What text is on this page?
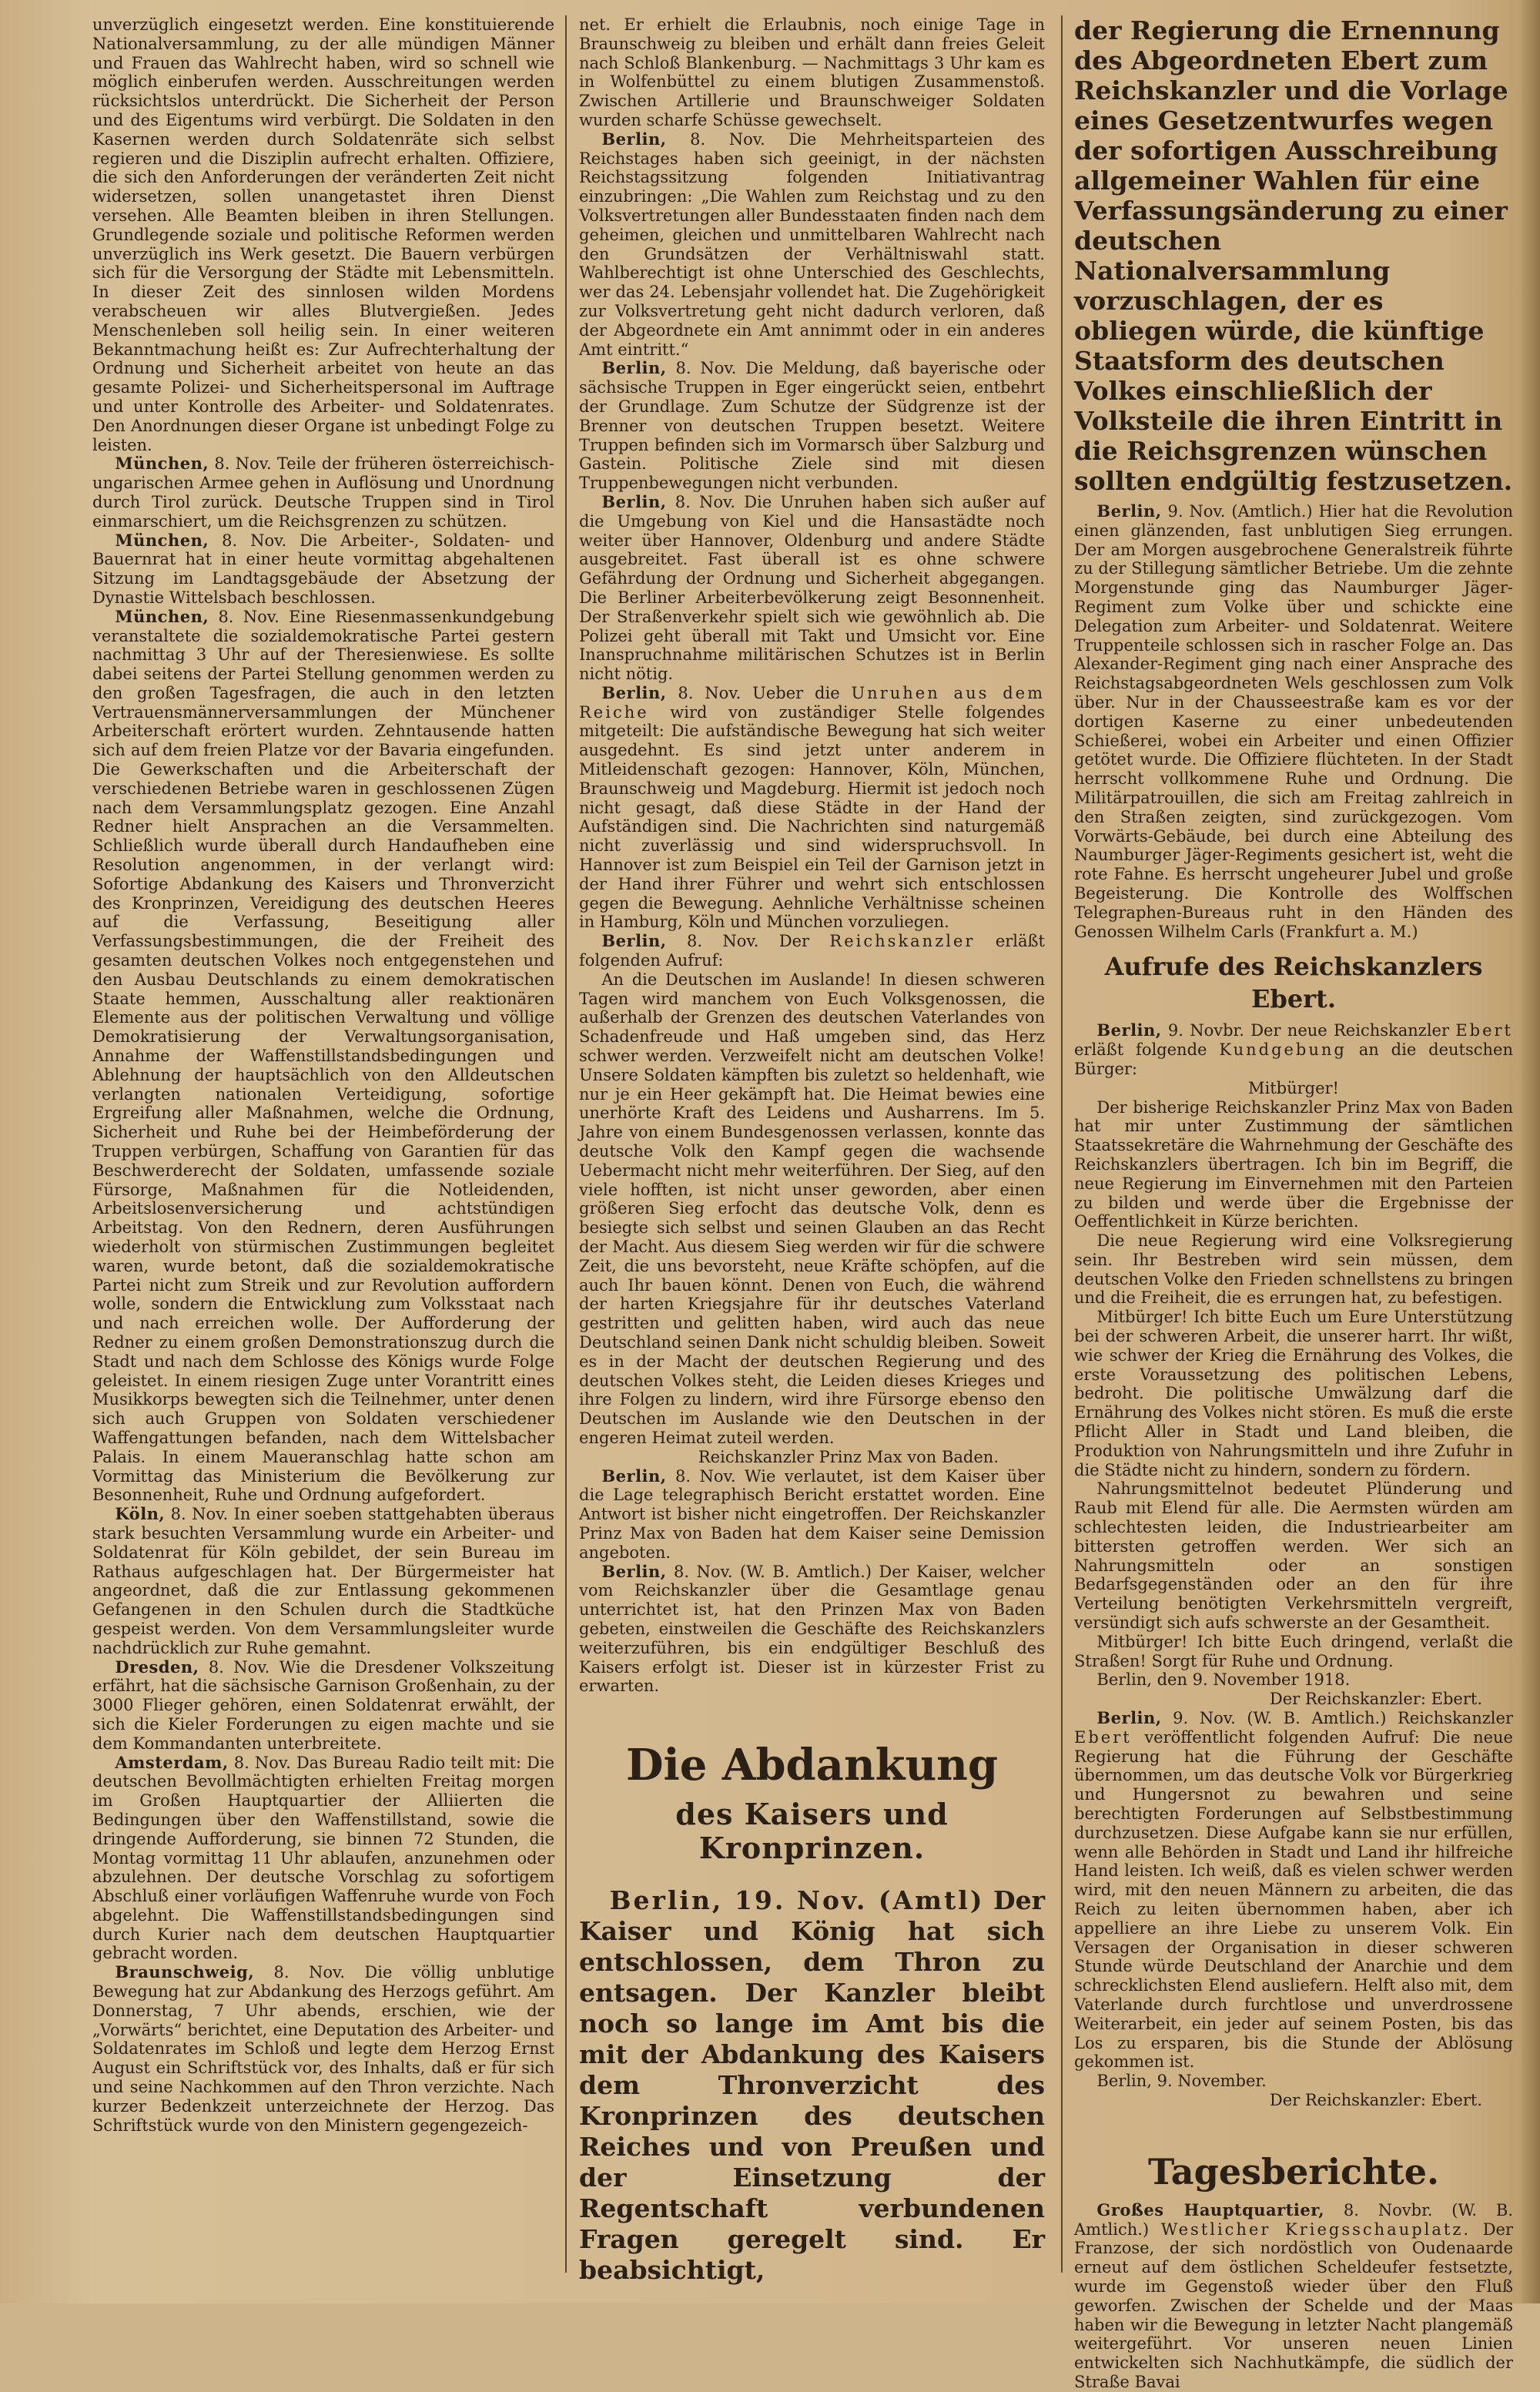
unverzüglich eingesetzt werden. Eine konstituierende Nationalversammlung, zu der alle mündigen Männer und Frauen das Wahlrecht haben, wird so schnell wie möglich einberufen werden. Ausschreitungen werden rücksichtslos unterdrückt. Die Sicherheit der Person und des Eigentums wird verbürgt. Die Soldaten in den Kasernen werden durch Soldatenräte sich selbst regieren und die Disziplin aufrecht erhalten. Offiziere, die sich den Anforderungen der veränderten Zeit nicht widersetzen, sollen unangetastet ihren Dienst versehen. Alle Beamten bleiben in ihren Stellungen. Grundlegende soziale und politische Reformen werden unverzüglich ins Werk gesetzt. Die Bauern verbürgen sich für die Versorgung der Städte mit Lebensmitteln. In dieser Zeit des sinnlosen wilden Mordens verabscheuen wir alles Blutvergießen. Jedes Menschenleben soll heilig sein. In einer weiteren Bekanntmachung heißt es: Zur Aufrechterhaltung der Ordnung und Sicherheit arbeitet von heute an das gesamte Polizei- und Sicherheitspersonal im Auftrage und unter Kontrolle des Arbeiter- und Soldatenrates. Den Anordnungen dieser Organe ist unbedingt Folge zu leisten.

München, 8. Nov. Teile der früheren österreichisch-ungarischen Armee gehen in Auflösung und Unordnung durch Tirol zurück. Deutsche Truppen sind in Tirol einmarschiert, um die Reichsgrenzen zu schützen.

München, 8. Nov. Die Arbeiter-, Soldaten- und Bauernrat hat in einer heute vormittag abgehaltenen Sitzung im Landtagsgebäude der Absetzung der Dynastie Wittelsbach beschlossen.

München, 8. Nov. Eine Riesenmassenkundgebung veranstaltete die sozialdemokratische Partei gestern nachmittag 3 Uhr auf der Theresienwiese. Es sollte dabei seitens der Partei Stellung genommen werden zu den großen Tagesfragen, die auch in den letzten Vertrauensmännerversammlungen der Münchener Arbeiterschaft erörtert wurden. Zehntausende hatten sich auf dem freien Platze vor der Bavaria eingefunden. Die Gewerkschaften und die Arbeiterschaft der verschiedenen Betriebe waren in geschlossenen Zügen nach dem Versammlungsplatz gezogen. Eine Anzahl Redner hielt Ansprachen an die Versammelten. Schließlich wurde überall durch Handaufheben eine Resolution angenommen, in der verlangt wird: Sofortige Abdankung des Kaisers und Thronverzicht des Kronprinzen, Vereidigung des deutschen Heeres auf die Verfassung, Beseitigung aller Verfassungsbestimmungen, die der Freiheit des gesamten deutschen Volkes noch entgegenstehen und den Ausbau Deutschlands zu einem demokratischen Staate hemmen, Ausschaltung aller reaktionären Elemente aus der politischen Verwaltung und völlige Demokratisierung der Verwaltungsorganisation, Annahme der Waffenstillstandsbedingungen und Ablehnung der hauptsächlich von den Alldeutschen verlangten nationalen Verteidigung, sofortige Ergreifung aller Maßnahmen, welche die Ordnung, Sicherheit und Ruhe bei der Heimbeförderung der Truppen verbürgen, Schaffung von Garantien für das Beschwerderecht der Soldaten, umfassende soziale Fürsorge, Maßnahmen für die Notleidenden, Arbeitslosenversicherung und achtstündigen Arbeitstag. Von den Rednern, deren Ausführungen wiederholt von stürmischen Zustimmungen begleitet waren, wurde betont, daß die sozialdemokratische Partei nicht zum Streik und zur Revolution auffordern wolle, sondern die Entwicklung zum Volksstaat nach und nach erreichen wolle. Der Aufforderung der Redner zu einem großen Demonstrationszug durch die Stadt und nach dem Schlosse des Königs wurde Folge geleistet. In einem riesigen Zuge unter Vorantritt eines Musikkorps bewegten sich die Teilnehmer, unter denen sich auch Gruppen von Soldaten verschiedener Waffengattungen befanden, nach dem Wittelsbacher Palais. In einem Maueranschlag hatte schon am Vormittag das Ministerium die Bevölkerung zur Besonnenheit, Ruhe und Ordnung aufgefordert.

Köln, 8. Nov. In einer soeben stattgehabten überaus stark besuchten Versammlung wurde ein Arbeiter- und Soldatenrat für Köln gebildet, der sein Bureau im Rathaus aufgeschlagen hat. Der Bürgermeister hat angeordnet, daß die zur Entlassung gekommenen Gefangenen in den Schulen durch die Stadtküche gespeist werden. Von dem Versammlungsleiter wurde nachdrücklich zur Ruhe gemahnt.

Dresden, 8. Nov. Wie die Dresdener Volkszeitung erfährt, hat die sächsische Garnison Großenhain, zu der 3000 Flieger gehören, einen Soldatenrat erwählt, der sich die Kieler Forderungen zu eigen machte und sie dem Kommandanten unterbreitete.

Amsterdam, 8. Nov. Das Bureau Radio teilt mit: Die deutschen Bevollmächtigten erhielten Freitag morgen im Großen Hauptquartier der Alliierten die Bedingungen über den Waffenstillstand, sowie die dringende Aufforderung, sie binnen 72 Stunden, die Montag vormittag 11 Uhr ablaufen, anzunehmen oder abzulehnen. Der deutsche Vorschlag zu sofortigem Abschluß einer vorläufigen Waffenruhe wurde von Foch abgelehnt. Die Waffenstillstandsbedingungen sind durch Kurier nach dem deutschen Hauptquartier gebracht worden.

Braunschweig, 8. Nov. Die völlig unblutige Bewegung hat zur Abdankung des Herzogs geführt. Am Donnerstag, 7 Uhr abends, erschien, wie der „Vorwärts“ berichtet, eine Deputation des Arbeiter- und Soldatenrates im Schloß und legte dem Herzog Ernst August ein Schriftstück vor, des Inhalts, daß er für sich und seine Nachkommen auf den Thron verzichte. Nach kurzer Bedenkzeit unterzeichnete der Herzog. Das Schriftstück wurde von den Ministern gegengezeich-

net. Er erhielt die Erlaubnis, noch einige Tage in Braunschweig zu bleiben und erhält dann freies Geleit nach Schloß Blankenburg. — Nachmittags 3 Uhr kam es in Wolfenbüttel zu einem blutigen Zusammenstoß. Zwischen Artillerie und Braunschweiger Soldaten wurden scharfe Schüsse gewechselt.

Berlin, 8. Nov. Die Mehrheitsparteien des Reichstages haben sich geeinigt, in der nächsten Reichstagssitzung folgenden Initiativantrag einzubringen: „Die Wahlen zum Reichstag und zu den Volksvertretungen aller Bundesstaaten finden nach dem geheimen, gleichen und unmittelbaren Wahlrecht nach den Grundsätzen der Verhältniswahl statt. Wahlberechtigt ist ohne Unterschied des Geschlechts, wer das 24. Lebensjahr vollendet hat. Die Zugehörigkeit zur Volksvertretung geht nicht dadurch verloren, daß der Abgeordnete ein Amt annimmt oder in ein anderes Amt eintritt.“

Berlin, 8. Nov. Die Meldung, daß bayerische oder sächsische Truppen in Eger eingerückt seien, entbehrt der Grundlage. Zum Schutze der Südgrenze ist der Brenner von deutschen Truppen besetzt. Weitere Truppen befinden sich im Vormarsch über Salzburg und Gastein. Politische Ziele sind mit diesen Truppenbewegungen nicht verbunden.

Berlin, 8. Nov. Die Unruhen haben sich außer auf die Umgebung von Kiel und die Hansastädte noch weiter über Hannover, Oldenburg und andere Städte ausgebreitet. Fast überall ist es ohne schwere Gefährdung der Ordnung und Sicherheit abgegangen. Die Berliner Arbeiterbevölkerung zeigt Besonnenheit. Der Straßenverkehr spielt sich wie gewöhnlich ab. Die Polizei geht überall mit Takt und Umsicht vor. Eine Inanspruchnahme militärischen Schutzes ist in Berlin nicht nötig.

Berlin, 8. Nov. Ueber die Unruhen aus dem Reiche wird von zuständiger Stelle folgendes mitgeteilt: Die aufständische Bewegung hat sich weiter ausgedehnt. Es sind jetzt unter anderem in Mitleidenschaft gezogen: Hannover, Köln, München, Braunschweig und Magdeburg. Hiermit ist jedoch noch nicht gesagt, daß diese Städte in der Hand der Aufständigen sind. Die Nachrichten sind naturgemäß nicht zuverlässig und sind widerspruchsvoll. In Hannover ist zum Beispiel ein Teil der Garnison jetzt in der Hand ihrer Führer und wehrt sich entschlossen gegen die Bewegung. Aehnliche Verhältnisse scheinen in Hamburg, Köln und München vorzuliegen.

Berlin, 8. Nov. Der Reichskanzler erläßt folgenden Aufruf:

An die Deutschen im Auslande! In diesen schweren Tagen wird manchem von Euch Volksgenossen, die außerhalb der Grenzen des deutschen Vaterlandes von Schadenfreude und Haß umgeben sind, das Herz schwer werden. Verzweifelt nicht am deutschen Volke! Unsere Soldaten kämpften bis zuletzt so heldenhaft, wie nur je ein Heer gekämpft hat. Die Heimat bewies eine unerhörte Kraft des Leidens und Ausharrens. Im 5. Jahre von einem Bundesgenossen verlassen, konnte das deutsche Volk den Kampf gegen die wachsende Uebermacht nicht mehr weiterführen. Der Sieg, auf den viele hofften, ist nicht unser geworden, aber einen größeren Sieg erfocht das deutsche Volk, denn es besiegte sich selbst und seinen Glauben an das Recht der Macht. Aus diesem Sieg werden wir für die schwere Zeit, die uns bevorsteht, neue Kräfte schöpfen, auf die auch Ihr bauen könnt. Denen von Euch, die während der harten Kriegsjahre für ihr deutsches Vaterland gestritten und gelitten haben, wird auch das neue Deutschland seinen Dank nicht schuldig bleiben. Soweit es in der Macht der deutschen Regierung und des deutschen Volkes steht, die Leiden dieses Krieges und ihre Folgen zu lindern, wird ihre Fürsorge ebenso den Deutschen im Auslande wie den Deutschen in der engeren Heimat zuteil werden.

Reichskanzler Prinz Max von Baden.

Berlin, 8. Nov. Wie verlautet, ist dem Kaiser über die Lage telegraphisch Bericht erstattet worden. Eine Antwort ist bisher nicht eingetroffen. Der Reichskanzler Prinz Max von Baden hat dem Kaiser seine Demission angeboten.

Berlin, 8. Nov. (W. B. Amtlich.) Der Kaiser, welcher vom Reichskanzler über die Gesamtlage genau unterrichtet ist, hat den Prinzen Max von Baden gebeten, einstweilen die Geschäfte des Reichskanzlers weiterzuführen, bis ein endgültiger Beschluß des Kaisers erfolgt ist. Dieser ist in kürzester Frist zu erwarten.

Die Abdankung

des Kaisers und Kronprinzen.

Berlin, 19. Nov. (Amtl) Der Kaiser und König hat sich entschlossen, dem Thron zu entsagen. Der Kanzler bleibt noch so lange im Amt bis die mit der Abdankung des Kaisers dem Thronverzicht des Kronprinzen des deutschen Reiches und von Preußen und der Einsetzung der Regentschaft verbundenen Fragen geregelt sind. Er beabsichtigt,

der Regierung die Ernennung des Abgeordneten Ebert zum Reichskanzler und die Vorlage eines Gesetzentwurfes wegen der sofortigen Ausschreibung allgemeiner Wahlen für eine Verfassungsänderung zu einer deutschen Nationalversammlung vorzuschlagen, der es obliegen würde, die künftige Staatsform des deutschen Volkes einschließlich der Volksteile die ihren Eintritt in die Reichsgrenzen wünschen sollten endgültig festzusetzen.

Berlin, 9. Nov. (Amtlich.) Hier hat die Revolution einen glänzenden, fast unblutigen Sieg errungen. Der am Morgen ausgebrochene Generalstreik führte zu der Stillegung sämtlicher Betriebe. Um die zehnte Morgenstunde ging das Naumburger Jäger-Regiment zum Volke über und schickte eine Delegation zum Arbeiter- und Soldatenrat. Weitere Truppenteile schlossen sich in rascher Folge an. Das Alexander-Regiment ging nach einer Ansprache des Reichstagsabgeordneten Wels geschlossen zum Volk über. Nur in der Chausseestraße kam es vor der dortigen Kaserne zu einer unbedeutenden Schießerei, wobei ein Arbeiter und einen Offizier getötet wurde. Die Offiziere flüchteten. In der Stadt herrscht vollkommene Ruhe und Ordnung. Die Militärpatrouillen, die sich am Freitag zahlreich in den Straßen zeigten, sind zurückgezogen. Vom Vorwärts-Gebäude, bei durch eine Abteilung des Naumburger Jäger-Regiments gesichert ist, weht die rote Fahne. Es herrscht ungeheurer Jubel und große Begeisterung. Die Kontrolle des Wolffschen Telegraphen-Bureaus ruht in den Händen des Genossen Wilhelm Carls (Frankfurt a. M.)

Aufrufe des Reichskanzlers Ebert.

Berlin, 9. Novbr. Der neue Reichskanzler Ebert erläßt folgende Kundgebung an die deutschen Bürger:

Mitbürger!

Der bisherige Reichskanzler Prinz Max von Baden hat mir unter Zustimmung der sämtlichen Staatssekretäre die Wahrnehmung der Geschäfte des Reichskanzlers übertragen. Ich bin im Begriff, die neue Regierung im Einvernehmen mit den Parteien zu bilden und werde über die Ergebnisse der Oeffentlichkeit in Kürze berichten.

Die neue Regierung wird eine Volksregierung sein. Ihr Bestreben wird sein müssen, dem deutschen Volke den Frieden schnellstens zu bringen und die Freiheit, die es errungen hat, zu befestigen.

Mitbürger! Ich bitte Euch um Eure Unterstützung bei der schweren Arbeit, die unserer harrt. Ihr wißt, wie schwer der Krieg die Ernährung des Volkes, die erste Voraussetzung des politischen Lebens, bedroht. Die politische Umwälzung darf die Ernährung des Volkes nicht stören. Es muß die erste Pflicht Aller in Stadt und Land bleiben, die Produktion von Nahrungsmitteln und ihre Zufuhr in die Städte nicht zu hindern, sondern zu fördern.

Nahrungsmittelnot bedeutet Plünderung und Raub mit Elend für alle. Die Aermsten würden am schlechtesten leiden, die Industriearbeiter am bittersten getroffen werden. Wer sich an Nahrungsmitteln oder an sonstigen Bedarfsgegenständen oder an den für ihre Verteilung benötigten Verkehrsmitteln vergreift, versündigt sich aufs schwerste an der Gesamtheit.

Mitbürger! Ich bitte Euch dringend, verlaßt die Straßen! Sorgt für Ruhe und Ordnung.

Berlin, den 9. November 1918.

Der Reichskanzler: Ebert.

Berlin, 9. Nov. (W. B. Amtlich.) Reichskanzler Ebert veröffentlicht folgenden Aufruf: Die neue Regierung hat die Führung der Geschäfte übernommen, um das deutsche Volk vor Bürgerkrieg und Hungersnot zu bewahren und seine berechtigten Forderungen auf Selbstbestimmung durchzusetzen. Diese Aufgabe kann sie nur erfüllen, wenn alle Behörden in Stadt und Land ihr hilfreiche Hand leisten. Ich weiß, daß es vielen schwer werden wird, mit den neuen Männern zu arbeiten, die das Reich zu leiten übernommen haben, aber ich appelliere an ihre Liebe zu unserem Volk. Ein Versagen der Organisation in dieser schweren Stunde würde Deutschland der Anarchie und dem schrecklichsten Elend ausliefern. Helft also mit, dem Vaterlande durch furchtlose und unverdrossene Weiterarbeit, ein jeder auf seinem Posten, bis das Los zu ersparen, bis die Stunde der Ablösung gekommen ist.

Berlin, 9. November.

Der Reichskanzler: Ebert.

Tagesberichte.

Großes Hauptquartier, 8. Novbr. (W. B. Amtlich.) Westlicher Kriegsschauplatz. Der Franzose, der sich nordöstlich von Oudenaarde erneut auf dem östlichen Scheldeufer festsetzte, wurde im Gegenstoß wieder über den Fluß geworfen. Zwischen der Schelde und der Maas haben wir die Bewegung in letzter Nacht plangemäß weitergeführt. Vor unseren neuen Linien entwickelten sich Nachhutkämpfe, die südlich der Straße Bavai
